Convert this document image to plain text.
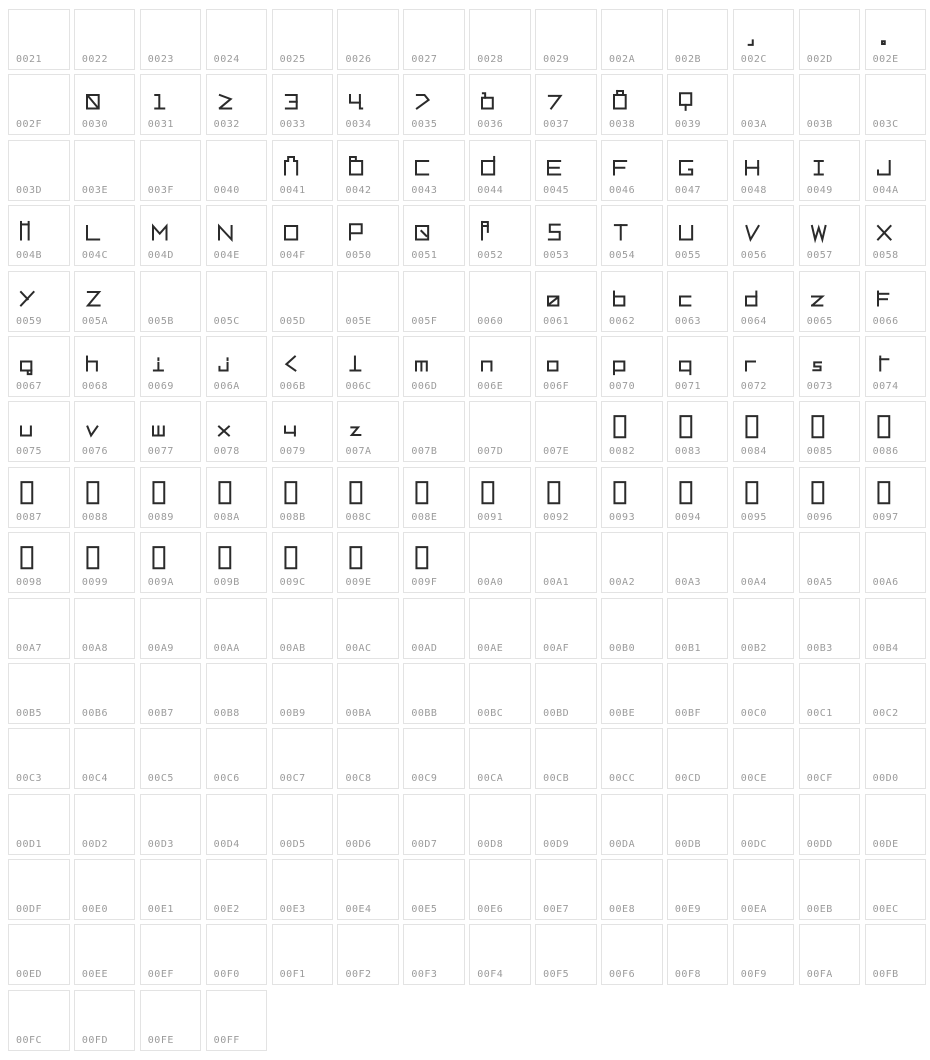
0021	0022	0023	0024	0025	0026	0027	0028	0029	002A	002B	002C	002D	002E
002F	0030	0031	0032	0033	0034	0035	0036	0037	0038	0039	003A	003B	003C
003D	003E	003F	0040	0041	0042	0043	0044	0045	0046	0047	0048	0049	004A
004B	004C	004D	004E	004F	0050	0051	0052	0053	0054	0055	0056	0057	0058
0059	005A	005B	005C	005D	005E	005F	0060	0061	0062	0063	0064	0065	0066
0067	0068	0069	006A	006B	006C	006D	006E	006F	0070	0071	0072	0073	0074
0075	0076	0077	0078	0079	007A	007B	007D	007E	0082	0083	0084	0085	0086
0087	0088	0089	008A	008B	008C	008E	0091	0092	0093	0094	0095	0096	0097
0098	0099	009A	009B	009C	009E	009F	00A0	00A1	00A2	00A3	00A4	00A5	00A6
00A7	00A8	00A9	00AA	00AB	00AC	00AD	00AE	00AF	00B0	00B1	00B2	00B3	00B4
00B5	00B6	00B7	00B8	00B9	00BA	00BB	00BC	00BD	00BE	00BF	00C0	00C1	00C2
00C3	00C4	00C5	00C6	00C7	00C8	00C9	00CA	00CB	00CC	00CD	00CE	00CF	00D0
00D1	00D2	00D3	00D4	00D5	00D6	00D7	00D8	00D9	00DA	00DB	00DC	00DD	00DE
00DF	00E0	00E1	00E2	00E3	00E4	00E5	00E6	00E7	00E8	00E9	00EA	00EB	00EC
00ED	00EE	00EF	00F0	00F1	00F2	00F3	00F4	00F5	00F6	00F8	00F9	00FA	00FB
00FC	00FD	00FE	00FF
